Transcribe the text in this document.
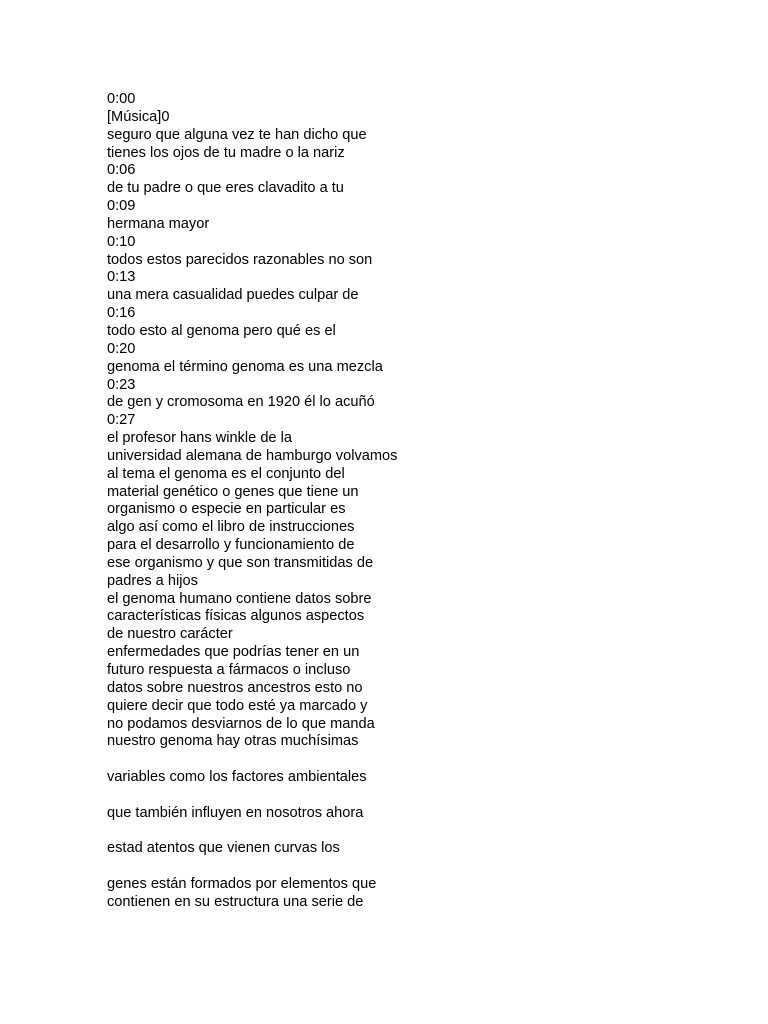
0:00
[Música]0
seguro que alguna vez te han dicho que
tienes los ojos de tu madre o la nariz
0:06
de tu padre o que eres clavadito a tu
0:09
hermana mayor
0:10
todos estos parecidos razonables no son
0:13
una mera casualidad puedes culpar de
0:16
todo esto al genoma pero qué es el
0:20
genoma el término genoma es una mezcla
0:23
de gen y cromosoma en 1920 él lo acuñó
0:27
el profesor hans winkle de la
universidad alemana de hamburgo volvamos
al tema el genoma es el conjunto del
material genético o genes que tiene un
organismo o especie en particular es
algo así como el libro de instrucciones
para el desarrollo y funcionamiento de
ese organismo y que son transmitidas de
padres a hijos
el genoma humano contiene datos sobre
características físicas algunos aspectos
de nuestro carácter
enfermedades que podrías tener en un
futuro respuesta a fármacos o incluso
datos sobre nuestros ancestros esto no
quiere decir que todo esté ya marcado y
no podamos desviarnos de lo que manda
nuestro genoma hay otras muchísimas
variables como los factores ambientales
que también influyen en nosotros ahora
estad atentos que vienen curvas los
genes están formados por elementos que
contienen en su estructura una serie de
